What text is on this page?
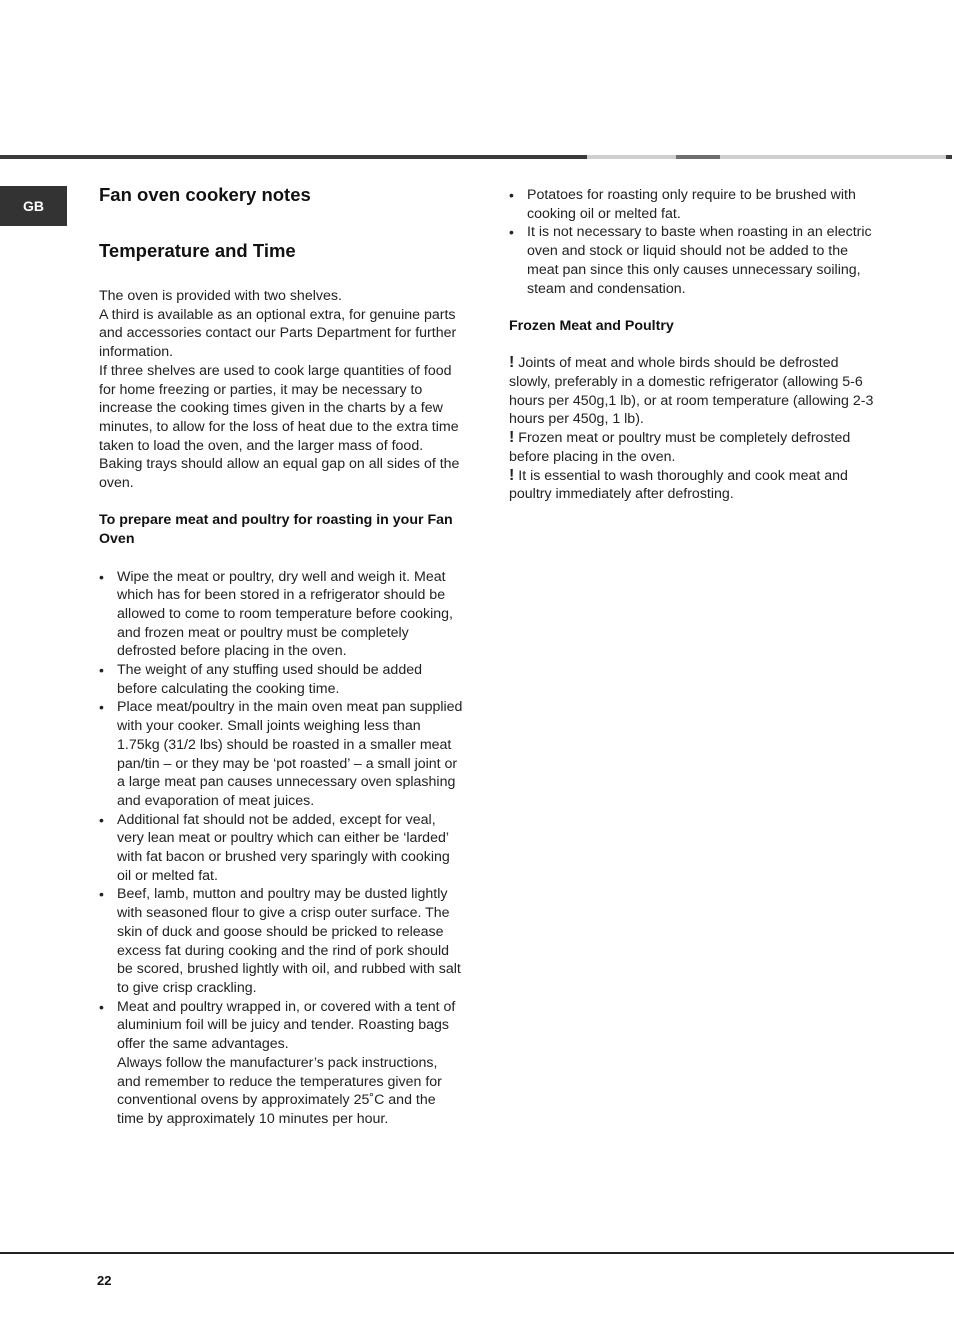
GB
Fan oven cookery notes
Temperature and Time

The oven is provided with two shelves.

A third is available as an optional extra, for genuine parts and accessories contact our Parts Department for further information.

If three shelves are used to cook large quantities of food for home freezing or parties, it may be necessary to increase the cooking times given in the charts by a few minutes, to allow for the loss of heat due to the extra time taken to load the oven, and the larger mass of food.

Baking trays should allow an equal gap on all sides of the oven.

To prepare meat and poultry for roasting in your Fan Oven

• Wipe the meat or poultry, dry well and weigh it. Meat which has for been stored in a refrigerator should be allowed to come to room temperature before cooking, and frozen meat or poultry must be completely defrosted before placing in the oven.

• The weight of any stuffing used should be added before calculating the cooking time.

• Place meat/poultry in the main oven meat pan supplied with your cooker. Small joints weighing less than 1.75kg (31/2 lbs) should be roasted in a smaller meat pan/tin – or they may be ‘pot roasted’ – a small joint or a large meat pan causes unnecessary oven splashing and evaporation of meat juices.

• Additional fat should not be added, except for veal, very lean meat or poultry which can either be ‘larded’ with fat bacon or brushed very sparingly with cooking oil or melted fat.

• Beef, lamb, mutton and poultry may be dusted lightly with seasoned flour to give a crisp outer surface. The skin of duck and goose should be pricked to release excess fat during cooking and the rind of pork should be scored, brushed lightly with oil, and rubbed with salt to give crisp crackling.

• Meat and poultry wrapped in, or covered with a tent of aluminium foil will be juicy and tender. Roasting bags offer the same advantages.

Always follow the manufacturer’s pack instructions, and remember to reduce the temperatures given for conventional ovens by approximately 25˚C and the time by approximately 10 minutes per hour.

• Potatoes for roasting only require to be brushed with cooking oil or melted fat.

• It is not necessary to baste when roasting in an electric oven and stock or liquid should not be added to the meat pan since this only causes unnecessary soiling, steam and condensation.

Frozen Meat and Poultry

! Joints of meat and whole birds should be defrosted slowly, preferably in a domestic refrigerator (allowing 5-6 hours per 450g,1 lb), or at room temperature (allowing 2-3 hours per 450g, 1 lb).

! Frozen meat or poultry must be completely defrosted before placing in the oven.

! It is essential to wash thoroughly and cook meat and poultry immediately after defrosting.

22
